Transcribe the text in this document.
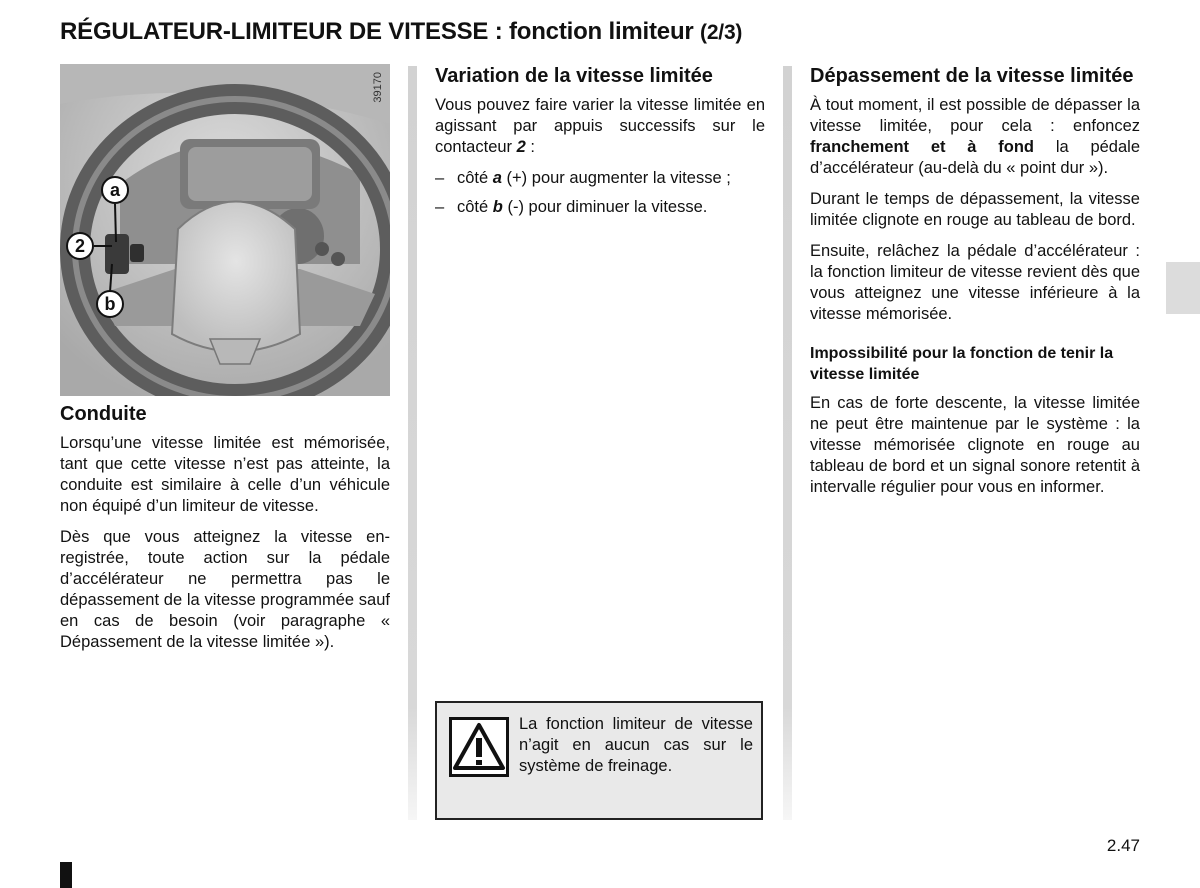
RÉGULATEUR-LIMITEUR DE VITESSE : fonction limiteur (2/3)
39170
a
2
b
Conduite

Lorsqu’une vitesse limitée est mémorisée, tant que cette vitesse n’est pas atteinte, la conduite est similaire à celle d’un véhicule non équipé d’un limiteur de vitesse.

Dès que vous atteignez la vitesse enregistrée, toute action sur la pédale d’accélérateur ne permettra pas le dépassement de la vitesse programmée sauf en cas de besoin (voir paragraphe « Dépassement de la vitesse limitée »).

Variation de la vitesse limitée

Vous pouvez faire varier la vitesse limitée en agissant par appuis successifs sur le contacteur 2 :

– côté a (+) pour augmenter la vitesse ;
– côté b (-) pour diminuer la vitesse.
La fonction limiteur de vitesse n’agit en aucun cas sur le système de freinage.
Dépassement de la vitesse limitée

À tout moment, il est possible de dépasser la vitesse limitée, pour cela : enfoncez franchement et à fond la pédale d’accélérateur (au-delà du « point dur »).

Durant le temps de dépassement, la vitesse limitée clignote en rouge au tableau de bord.

Ensuite, relâchez la pédale d’accélérateur : la fonction limiteur de vitesse revient dès que vous atteignez une vitesse inférieure à la vitesse mémorisée.

Impossibilité pour la fonction de tenir la vitesse limitée

En cas de forte descente, la vitesse limitée ne peut être maintenue par le système : la vitesse mémorisée clignote en rouge au tableau de bord et un signal sonore retentit à intervalle régulier pour vous en informer.

2.47
